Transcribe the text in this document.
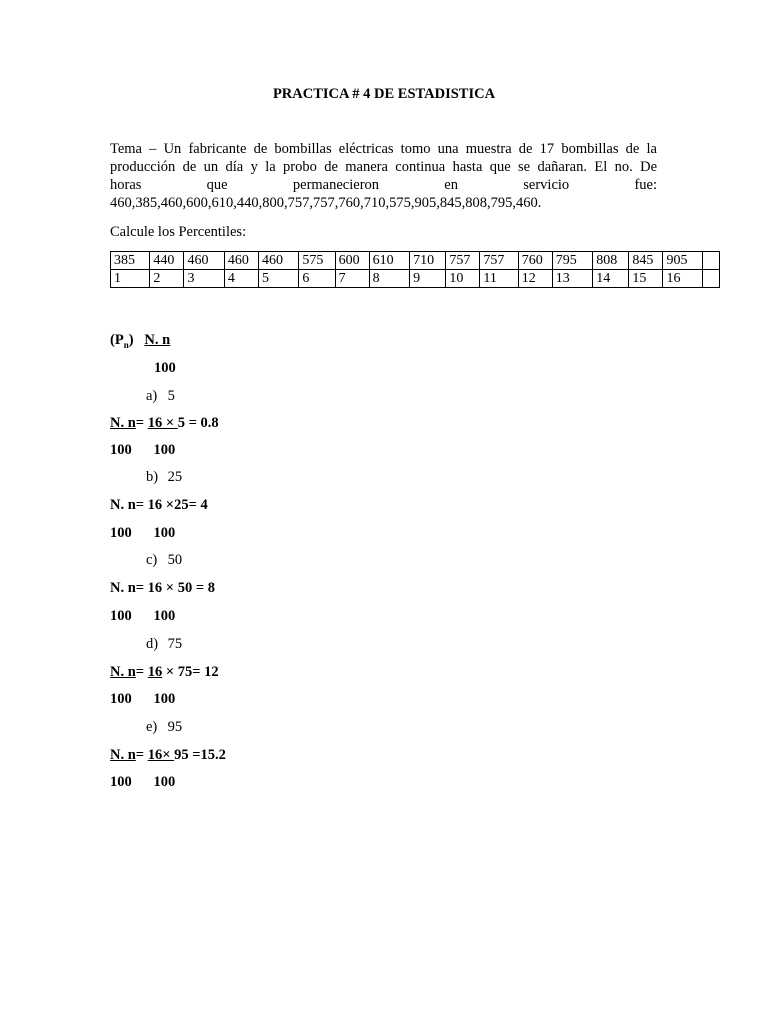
PRACTICA # 4 DE ESTADISTICA
Tema – Un fabricante de bombillas eléctricas tomo una muestra de 17 bombillas de la
producción de un día y la probo de manera continua hasta que se dañaran. El no. De
horas que permanecieron en servicio fue:
460,385,460,600,610,440,800,757,757,760,710,575,905,845,808,795,460.
Calcule los Percentiles:
385	440	460	460	460	575	600	610	710	757	757	760	795	808	845	905	
1	2	3	4	5	6	7	8	9	10	11	12	13	14	15	16	
$(P_n)$ N. n
100
a) 5
N. n= 16 × 5 = 0.8
100      100
b) 25
N. n= 16 ×25= 4
100      100
c) 50
N. n= 16 × 50 = 8
100      100
d) 75
N. n= 16 × 75= 12
100      100
e) 95
N. n= 16× 95 =15.2
100      100
